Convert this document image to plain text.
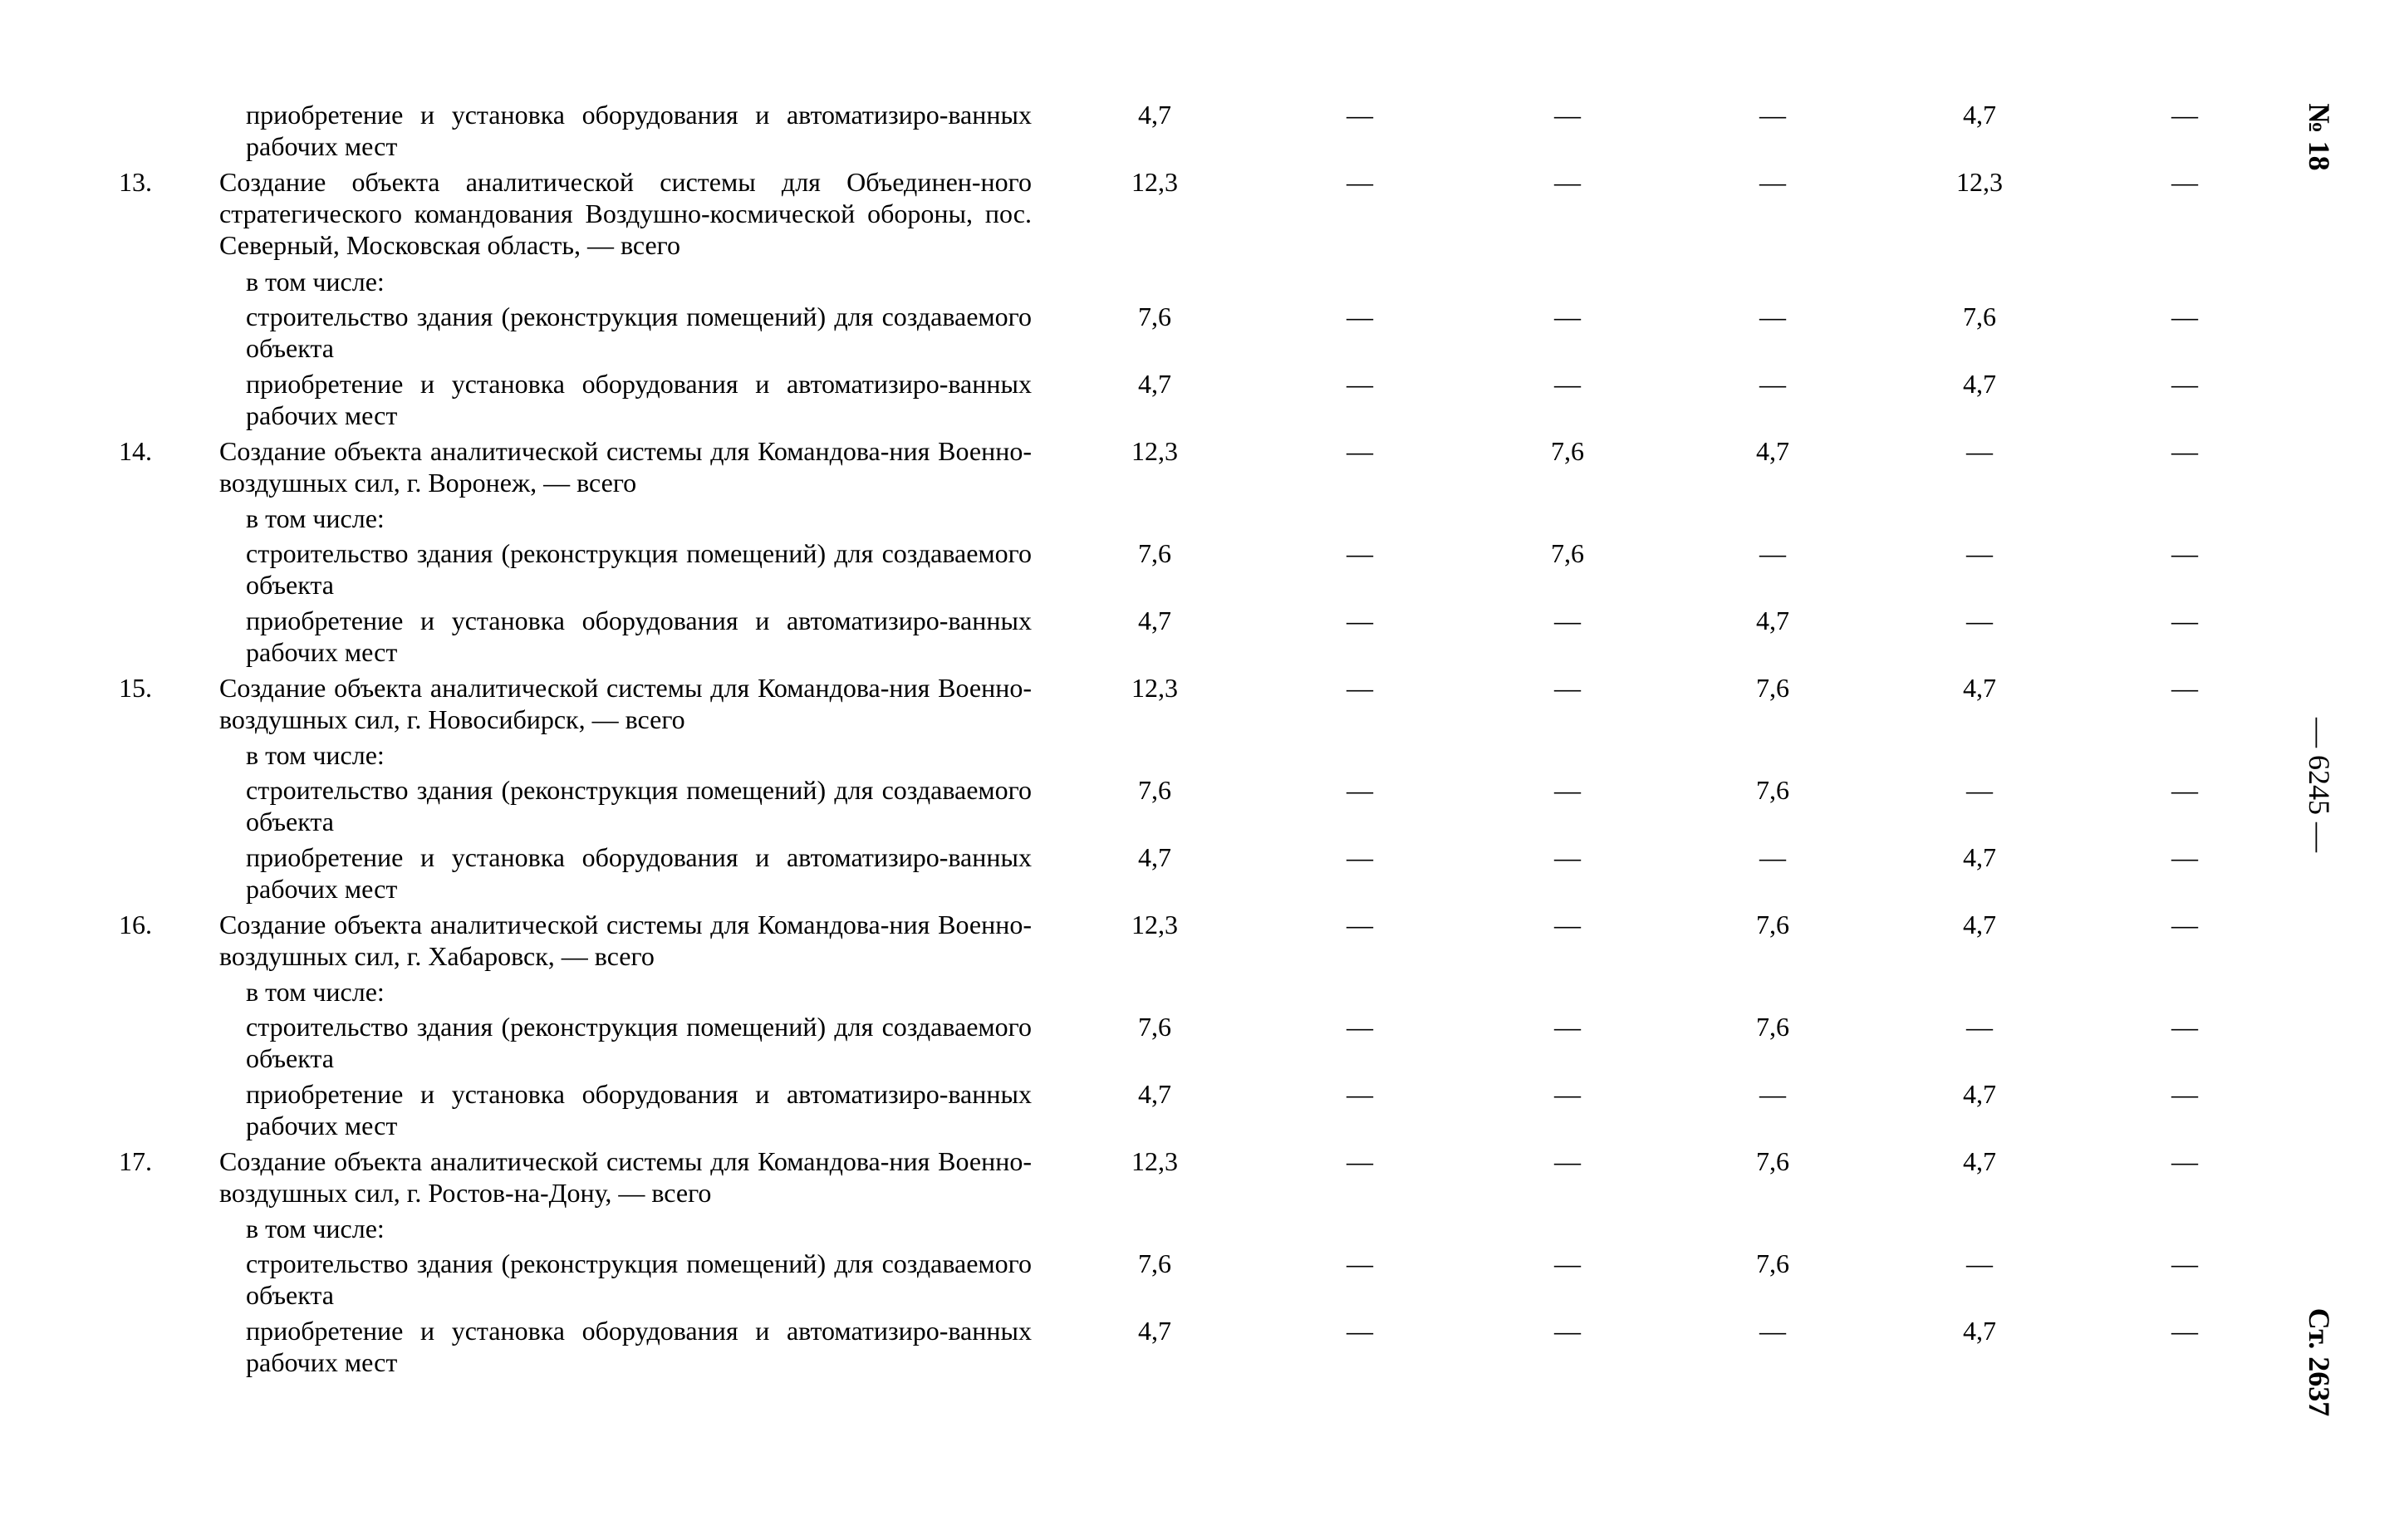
№ 18
— 6245 —
Ст. 2637
приобретение и установка оборудования и автоматизиро-ванных рабочих мест
4,7	—	—	—	4,7	—
13.	Создание объекта аналитической системы для Объединен-ного стратегического командования Воздушно-космической обороны, пос. Северный, Московская область, — всего
12,3	—	—	—	12,3	—
в том числе:
строительство здания (реконструкция помещений) для создаваемого объекта
7,6	—	—	—	7,6	—
приобретение и установка оборудования и автоматизиро-ванных рабочих мест
4,7	—	—	—	4,7	—
14.	Создание объекта аналитической системы для Командова-ния Военно-воздушных сил, г. Воронеж, — всего
12,3	—	7,6	4,7	—	—
в том числе:
строительство здания (реконструкция помещений) для создаваемого объекта
7,6	—	7,6	—	—	—
приобретение и установка оборудования и автоматизиро-ванных рабочих мест
4,7	—	—	4,7	—	—
15.	Создание объекта аналитической системы для Командова-ния Военно-воздушных сил, г. Новосибирск, — всего
12,3	—	—	7,6	4,7	—
в том числе:
строительство здания (реконструкция помещений) для создаваемого объекта
7,6	—	—	7,6	—	—
приобретение и установка оборудования и автоматизиро-ванных рабочих мест
4,7	—	—	—	4,7	—
16.	Создание объекта аналитической системы для Командова-ния Военно-воздушных сил, г. Хабаровск, — всего
12,3	—	—	7,6	4,7	—
в том числе:
строительство здания (реконструкция помещений) для создаваемого объекта
7,6	—	—	7,6	—	—
приобретение и установка оборудования и автоматизиро-ванных рабочих мест
4,7	—	—	—	4,7	—
17.	Создание объекта аналитической системы для Командова-ния Военно-воздушных сил, г. Ростов-на-Дону, — всего
12,3	—	—	7,6	4,7	—
в том числе:
строительство здания (реконструкция помещений) для создаваемого объекта
7,6	—	—	7,6	—	—
приобретение и установка оборудования и автоматизиро-ванных рабочих мест
4,7	—	—	—	4,7	—
